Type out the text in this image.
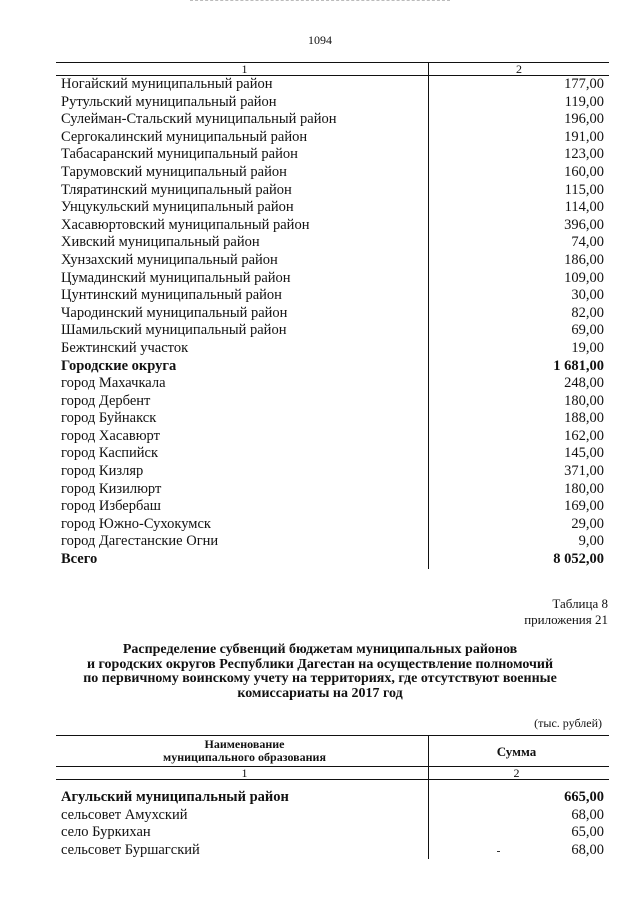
1094
1	2
Ногайский муниципальный район	177,00
Рутульский муниципальный район	119,00
Сулейман-Стальский муниципальный район	196,00
Сергокалинский муниципальный район	191,00
Табасаранский муниципальный район	123,00
Тарумовский муниципальный район	160,00
Тляратинский муниципальный район	115,00
Унцукульский муниципальный район	114,00
Хасавюртовский муниципальный район	396,00
Хивский муниципальный район	74,00
Хунзахский муниципальный район	186,00
Цумадинский муниципальный район	109,00
Цунтинский муниципальный район	30,00
Чародинский муниципальный район	82,00
Шамильский муниципальный район	69,00
Бежтинский участок	19,00
Городские округа	1 681,00
город Махачкала	248,00
город Дербент	180,00
город Буйнакск	188,00
город Хасавюрт	162,00
город Каспийск	145,00
город Кизляр	371,00
город Кизилюрт	180,00
город Избербаш	169,00
город Южно-Сухокумск	29,00
город Дагестанские Огни	9,00
Всего	8 052,00
Таблица 8
приложения 21
Распределение субвенций бюджетам муниципальных районов
и городских округов Республики Дагестан на осуществление полномочий
по первичному воинскому учету на территориях, где отсутствуют военные
комиссариаты на 2017 год
(тыс. рублей)
Наименование
муниципального образования	Сумма
1	2

Агульский муниципальный район	665,00
сельсовет Амухский	68,00
село Буркихан	65,00
сельсовет Буршагский	68,00
